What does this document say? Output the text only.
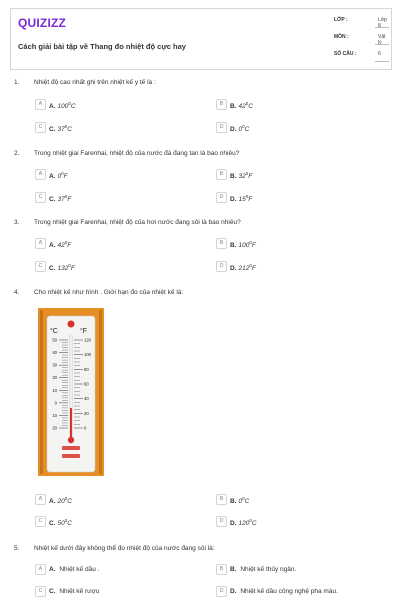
QUIZIZZ
Cách giải bài tập về Thang đo nhiệt độ cực hay
LỚP :	Lớp 8
MÔN :	Vật lý
SỐ CÂU :	6
1. Nhiệt độ cao nhất ghi trên nhiệt kế y tế là :
A	A. $100^0C$	B	B. $42^0C$
C	C. $37^0C$	D	D. $0^0C$
2. Trong nhiệt giai Farenhai, nhiệt độ của nước đá đang tan là bao nhiêu?
A	A. $0^0F$	B	B. $32^0F$
C	C. $37^0F$	D	D. $15^0F$
3. Trong nhiệt giai Farenhai, nhiệt độ của hơi nước đang sôi là bao nhiêu?
A	A. $42^0F$	B	B. $100^0F$
C	C. $132^0F$	D	D. $212^0F$
4. Cho nhiệt kế như hình . Giới hạn đo của nhiệt kế là:
°C	°F
50
40
30
20
10
0
10
20
120
100
80
60
40
20
0
A	A. $20^0C$	B	B. $0^0C$
C	C. $50^0C$	D	D. $120^0C$
5. Nhiệt kế dưới đây không thể đo nhiệt độ của nước đang sôi là:
A	A. Nhiệt kế dầu .	B	B. Nhiệt kế thủy ngân.
C	C. Nhiệt kế rượu	D	D. Nhiệt kế dầu công nghệ pha màu.
